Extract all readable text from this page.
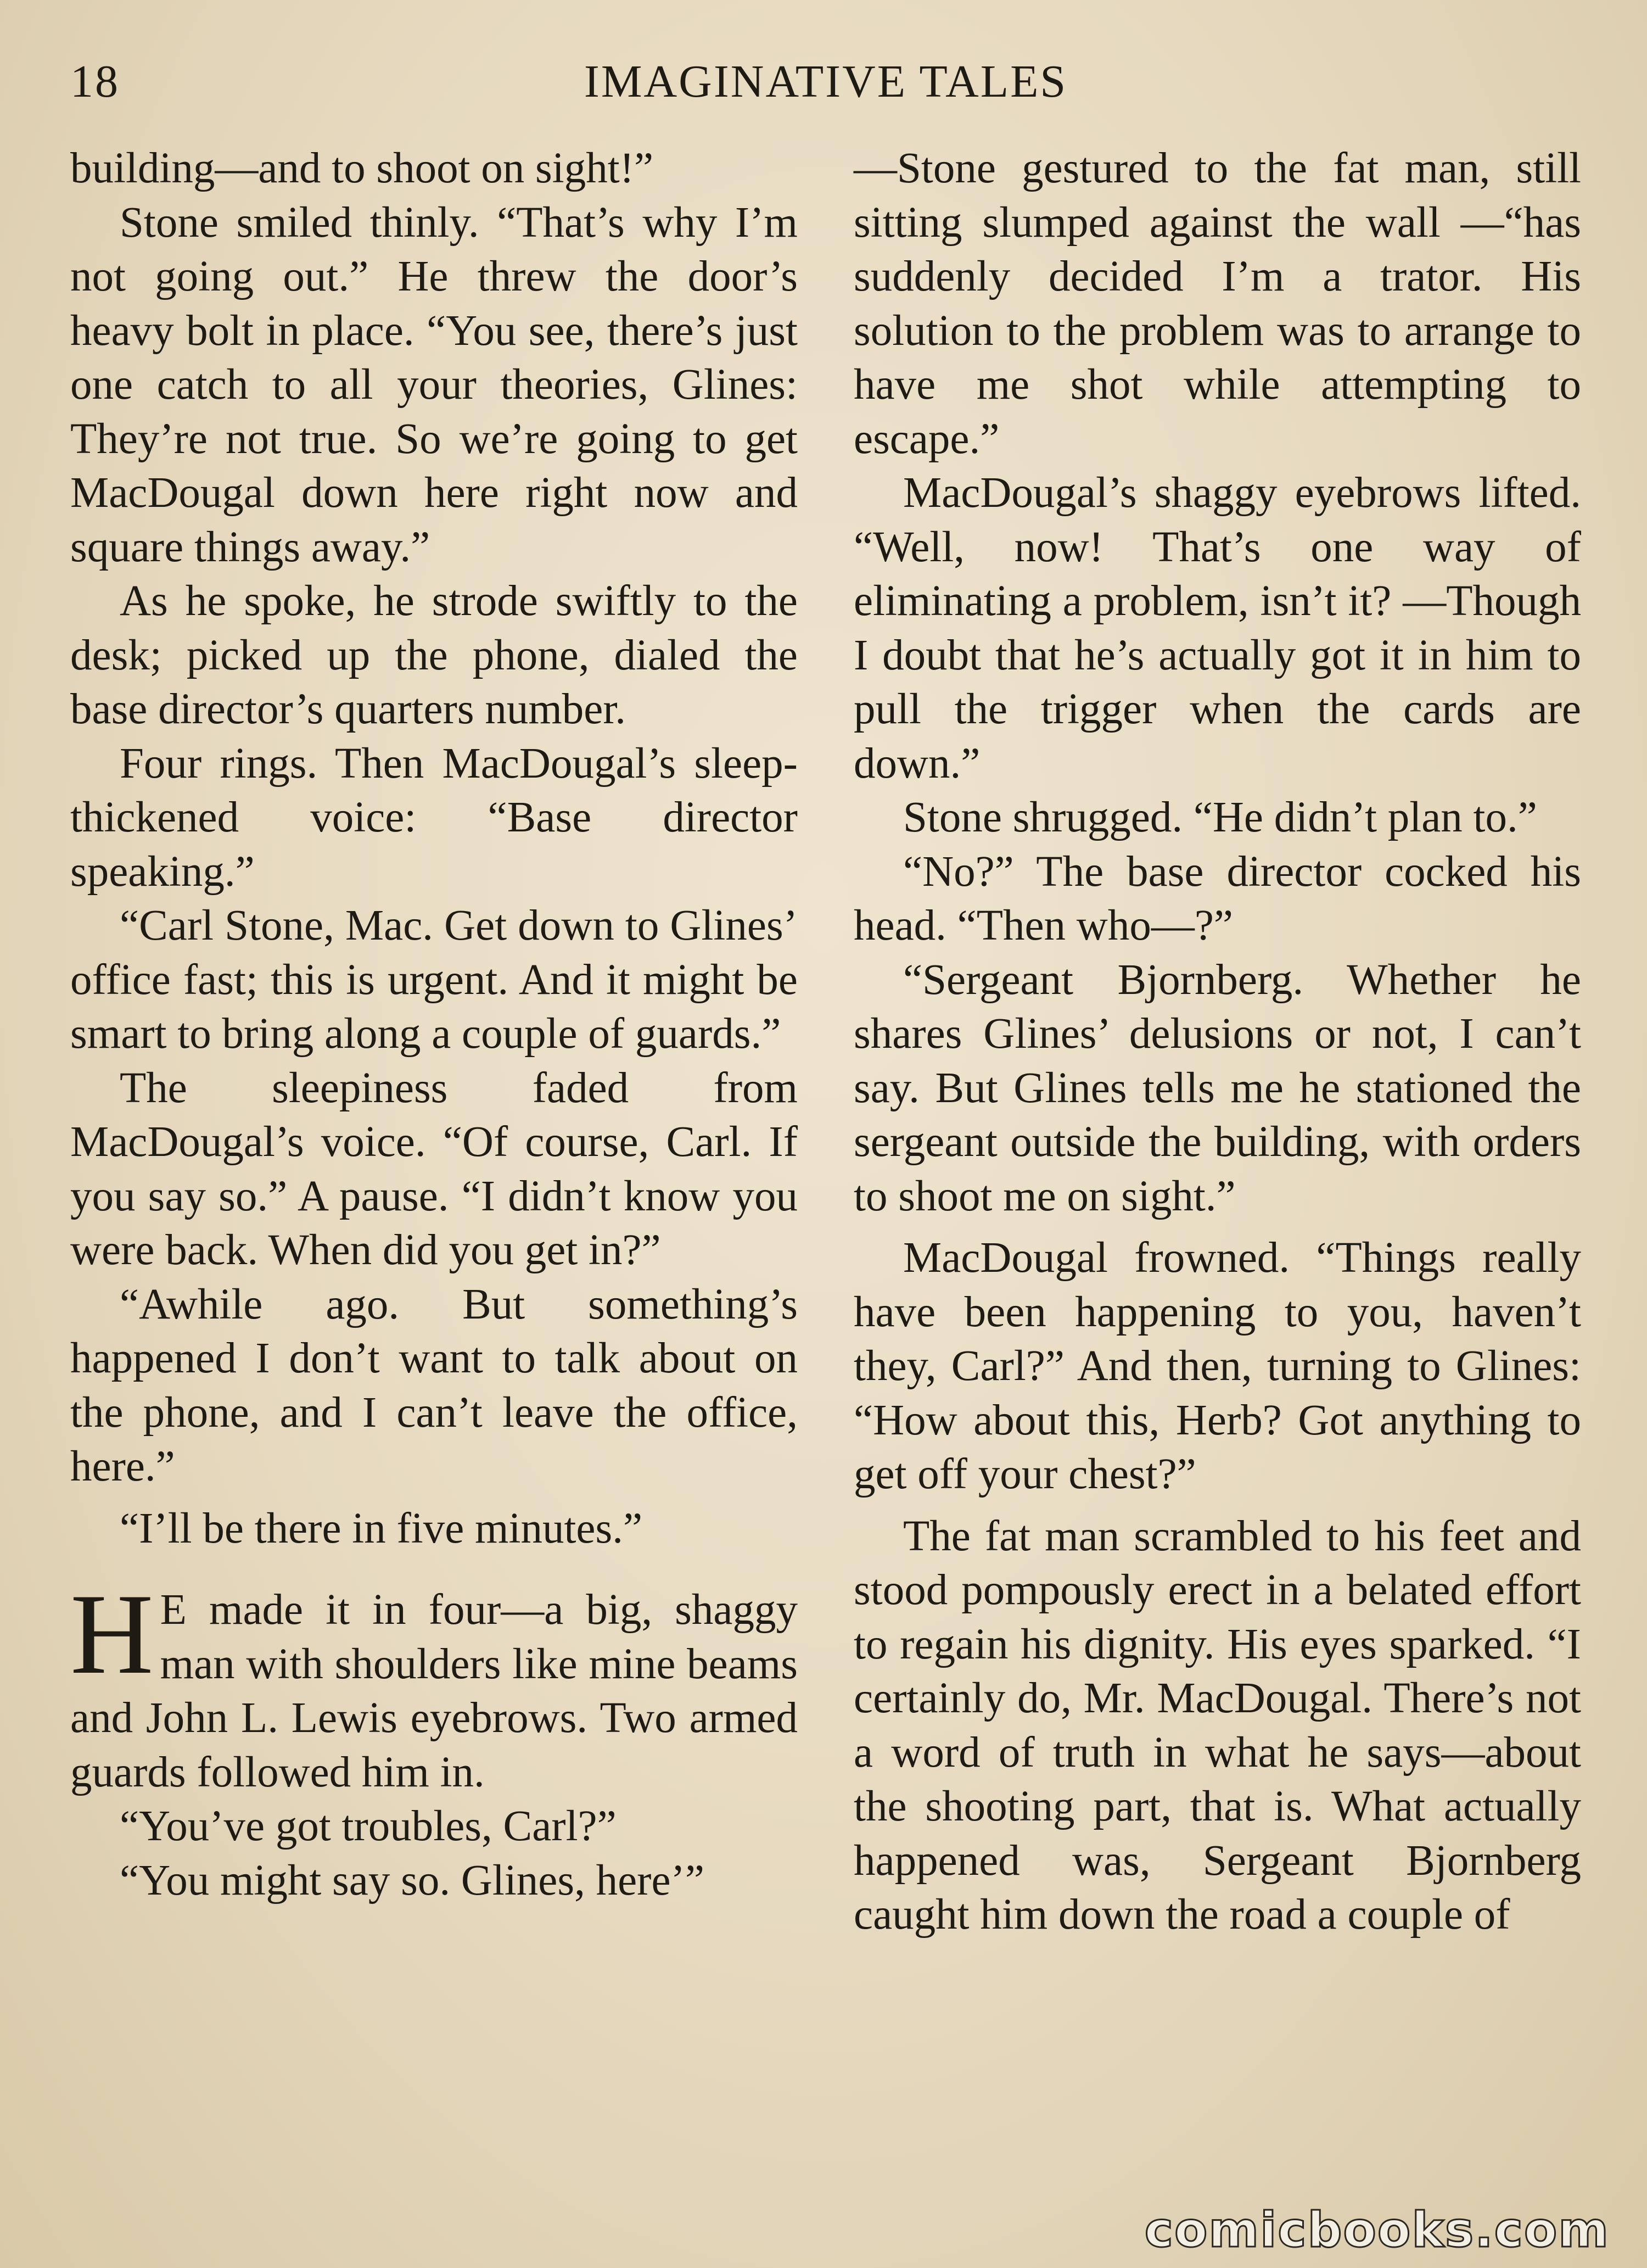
18	IMAGINATIVE TALES

building—and to shoot on sight!”

Stone smiled thinly. “That’s why I’m not going out.” He threw the door’s heavy bolt in place. “You see, there’s just one catch to all your theories, Glines: They’re not true. So we’re going to get MacDougal down here right now and square things away.”

As he spoke, he strode swiftly to the desk; picked up the phone, dialed the base director’s quarters number.

Four rings. Then MacDougal’s sleep-thickened voice: “Base director speaking.”

“Carl Stone, Mac. Get down to Glines’ office fast; this is urgent. And it might be smart to bring along a couple of guards.”

The sleepiness faded from MacDougal’s voice. “Of course, Carl. If you say so.” A pause. “I didn’t know you were back. When did you get in?”

“Awhile ago. But something’s happened I don’t want to talk about on the phone, and I can’t leave the office, here.”

“I’ll be there in five minutes.”

H E made it in four—a big, shaggy man with shoulders like mine beams and John L. Lewis eyebrows. Two armed guards followed him in.

“You’ve got troubles, Carl?”

“You might say so. Glines, here’”

—Stone gestured to the fat man, still sitting slumped against the wall —“has suddenly decided I’m a trator. His solution to the problem was to arrange to have me shot while attempting to escape.”

MacDougal’s shaggy eyebrows lifted. “Well, now! That’s one way of eliminating a problem, isn’t it? —Though I doubt that he’s actually got it in him to pull the trigger when the cards are down.”

Stone shrugged. “He didn’t plan to.”

“No?” The base director cocked his head. “Then who—?”

“Sergeant Bjornberg. Whether he shares Glines’ delusions or not, I can’t say. But Glines tells me he stationed the sergeant outside the building, with orders to shoot me on sight.”

MacDougal frowned. “Things really have been happening to you, haven’t they, Carl?” And then, turning to Glines: “How about this, Herb? Got anything to get off your chest?”

The fat man scrambled to his feet and stood pompously erect in a belated effort to regain his dignity. His eyes sparked. “I certainly do, Mr. MacDougal. There’s not a word of truth in what he says—about the shooting part, that is. What actually happened was, Sergeant Bjornberg caught him down the road a couple of

comicbooks.com
